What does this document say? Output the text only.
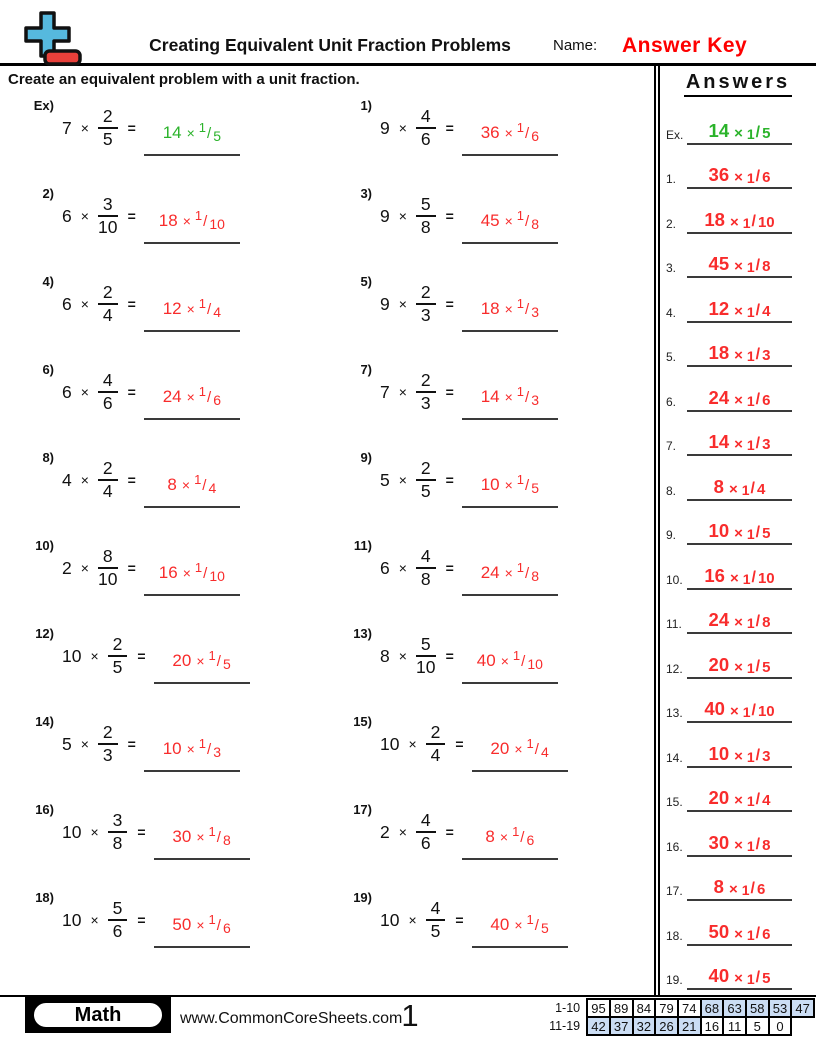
Creating Equivalent Unit Fraction Problems	Name: Answer Key
Create an equivalent problem with a unit fraction.
Ex)
$7 \times \frac{2}{5}$ =	14 × $^1$/ 5
1)
$9 \times \frac{4}{6}$ =	36 × $^1$/ 6
2)
$6 \times \frac{3}{10}$ =	18 × $^1$/ 10
3)
$9 \times \frac{5}{8}$ =	45 × $^1$/ 8
4)
$6 \times \frac{2}{4}$ =	12 × $^1$/ 4
5)
$9 \times \frac{2}{3}$ =	18 × $^1$/ 3
6)
$6 \times \frac{4}{6}$ =	24 × $^1$/ 6
7)
$7 \times \frac{2}{3}$ =	14 × $^1$/ 3
8)
$4 \times \frac{2}{4}$ =	8 × $^1$/ 4
9)
$5 \times \frac{2}{5}$ =	10 × $^1$/ 5
10)
$2 \times \frac{8}{10}$ =	16 × $^1$/ 10
11)
$6 \times \frac{4}{8}$ =	24 × $^1$/ 8
12)
$10 \times \frac{2}{5}$ =	20 × $^1$/ 5
13)
$8 \times \frac{5}{10}$ =	40 × $^1$/ 10
14)
$5 \times \frac{2}{3}$ =	10 × $^1$/ 3
15)
$10 \times \frac{2}{4}$ =	20 × $^1$/ 4
16)
$10 \times \frac{3}{8}$ =	30 × $^1$/ 8
17)
$2 \times \frac{4}{6}$ =	8 × $^1$/ 6
18)
$10 \times \frac{5}{6}$ =	50 × $^1$/ 6
19)
$10 \times \frac{4}{5}$ =	40 × $^1$/ 5
Answers
Ex. 14 × 1 / 5
1. 36 × 1 / 6
2. 18 × 1 / 10
3. 45 × 1 / 8
4. 12 × 1 / 4
5. 18 × 1 / 3
6. 24 × 1 / 6
7. 14 × 1 / 3
8. 8 × 1 / 4
9. 10 × 1 / 5
10. 16 × 1 / 10
11. 24 × 1 / 8
12. 20 × 1 / 5
13. 40 × 1 / 10
14. 10 × 1 / 3
15. 20 × 1 / 4
16. 30 × 1 / 8
17. 8 × 1 / 6
18. 50 × 1 / 6
19. 40 × 1 / 5
Math	www.CommonCoreSheets.com 1	1-10 95 89 84 79 74 68 63 58 53 47
11-19 42 37 32 26 21 16 11 5	0
